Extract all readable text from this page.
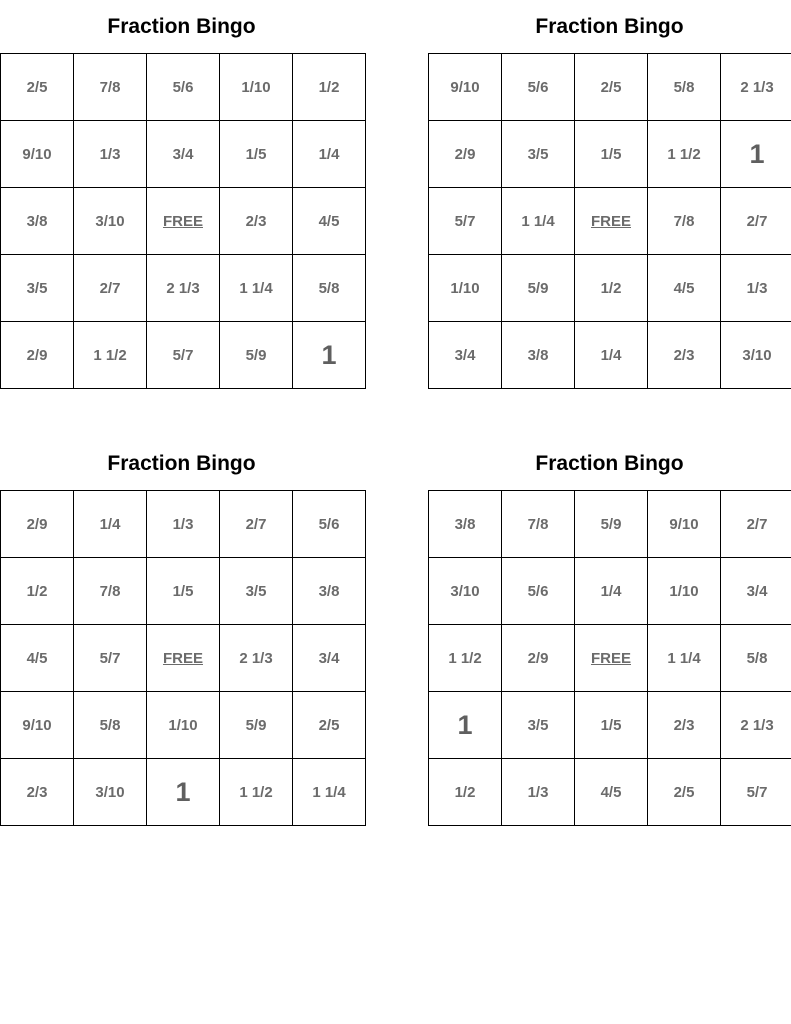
Fraction Bingo
2/5	7/8	5/6	1/10	1/2
9/10	1/3	3/4	1/5	1/4
3/8	3/10	FREE	2/3	4/5
3/5	2/7	2 1/3	1 1/4	5/8
2/9	1 1/2	5/7	5/9	1
Fraction Bingo
9/10	5/6	2/5	5/8	2 1/3
2/9	3/5	1/5	1 1/2	1
5/7	1 1/4	FREE	7/8	2/7
1/10	5/9	1/2	4/5	1/3
3/4	3/8	1/4	2/3	3/10
Fraction Bingo
2/9	1/4	1/3	2/7	5/6
1/2	7/8	1/5	3/5	3/8
4/5	5/7	FREE	2 1/3	3/4
9/10	5/8	1/10	5/9	2/5
2/3	3/10	1	1 1/2	1 1/4
Fraction Bingo
3/8	7/8	5/9	9/10	2/7
3/10	5/6	1/4	1/10	3/4
1 1/2	2/9	FREE	1 1/4	5/8
1	3/5	1/5	2/3	2 1/3
1/2	1/3	4/5	2/5	5/7
